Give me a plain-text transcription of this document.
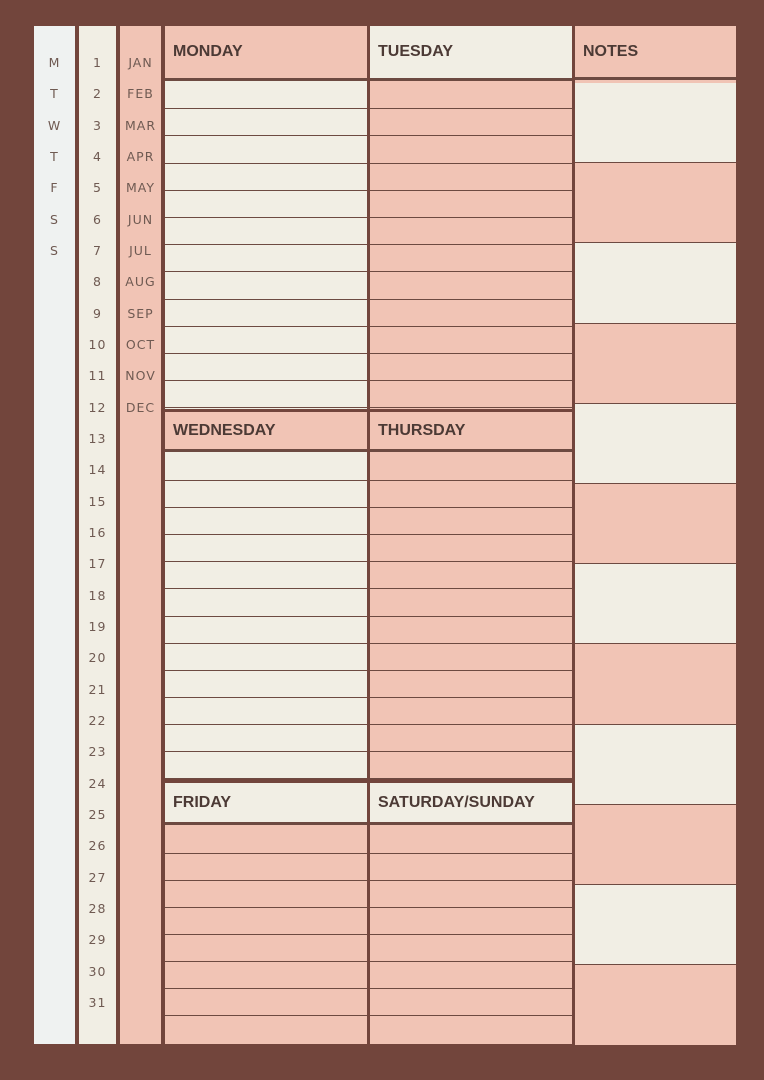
M
T
W
T
F
S
S
1
2
3
4
5
6
7
8
9
10
11
12
13
14
15
16
17
18
19
20
21
22
23
24
25
26
27
28
29
30
31
JAN
FEB
MAR
APR
MAY
JUN
JUL
AUG
SEP
OCT
NOV
DEC
MONDAY	TUESDAY
WEDNESDAY	THURSDAY
FRIDAY	SATURDAY/SUNDAY
NOTES
